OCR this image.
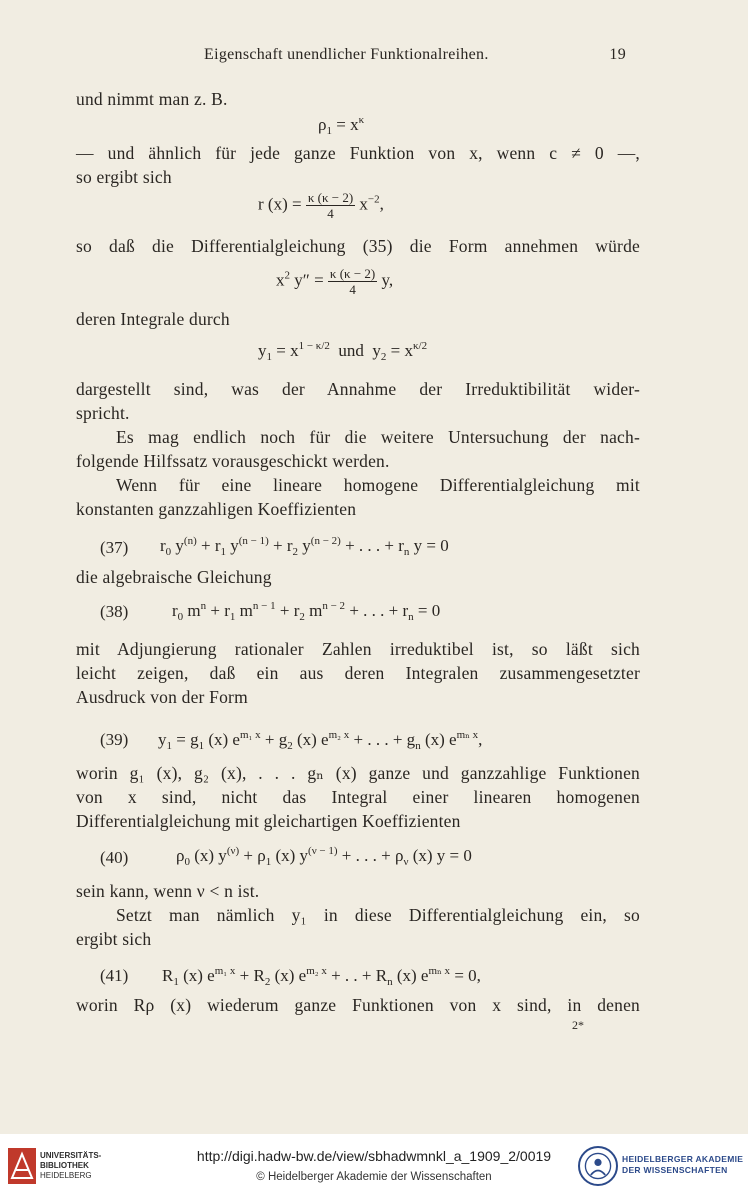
Eigenschaft unendlicher Funktionalreihen.	19
und nimmt man z. B.
$\rho_1 = x^\kappa$
— und ähnlich für jede ganze Funktion von x, wenn c ≠ 0 —,
so ergibt sich
r $(x) = \frac{\kappa (\kappa - 2)}{4} x^{-2}$,
so daß die Differentialgleichung (35) die Form annehmen würde
$x^2$ $y'' = \frac{\kappa (\kappa - 2)}{4} y$,
deren Integrale durch
$y_1 = x^{1 - \kappa/2}$  und  $y_2 = x^{\kappa/2}$
dargestellt sind, was der Annahme der Irreduktibilität wider-
spricht.
Es mag endlich noch für die weitere Untersuchung der nach-
folgende Hilfssatz vorausgeschickt werden.
Wenn für eine lineare homogene Differentialgleichung mit
konstanten ganzzahligen Koeffizienten
(37) $r_0$ $y^{(n)} + r_1$ $y^{(n - 1)} + r_2$ $y^{(n - 2)}$ + . . . + $r_n$ y = 0
die algebraische Gleichung
(38)	$r_0$ $m^n + r_1$ $m^{n - 1} + r_2$ $m^{n - 2}$ + . . . + $r_n = 0$
mit Adjungierung rationaler Zahlen irreduktibel ist, so läßt sich
leicht zeigen, daß ein aus deren Integralen zusammengesetzter
Ausdruck von der Form
(39) $y_1 = g_1$ (x) $e^{m_1 x} + g_2$ (x) $e^{m_2 x}$ + . . . + $g_n$ (x) $e^{m_n x}$,
worin g₁ (x), g₂ (x), . . . gₙ (x) ganze und ganzzahlige Funktionen
von x sind, nicht das Integral einer linearen homogenen
Differentialgleichung mit gleichartigen Koeffizienten
(40)	$\rho_0$ (x) $y^{(\nu)} + \rho_1$ (x) $y^{(\nu - 1)}$ + . . . + $\rho_\nu$ (x) y = 0
sein kann, wenn ν < n ist.
Setzt man nämlich y₁ in diese Differentialgleichung ein, so
ergibt sich
(41) $R_1$ (x) $e^{m_1 x} + R_2$ (x) $e^{m_2 x}$ + . . + $R_n$ (x) $e^{m_n x} = 0$,
worin Rρ (x) wiederum ganze Funktionen von x sind, in denen
2*
UNIVERSITÄTS-
BIBLIOTHEK
HEIDELBERG
http://digi.hadw-bw.de/view/sbhadwmnkl_a_1909_2/0019
© Heidelberger Akademie der Wissenschaften
HEIDELBERGER AKADEMIE
DER WISSENSCHAFTEN
